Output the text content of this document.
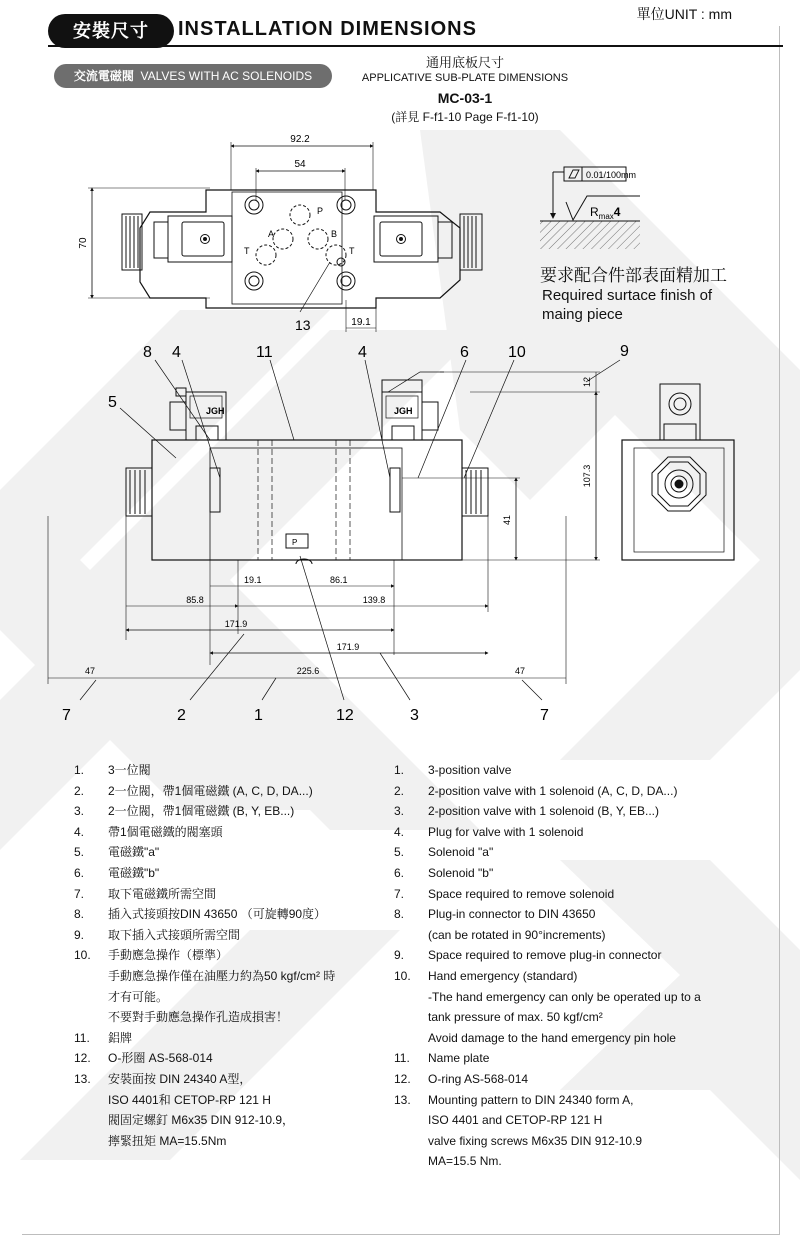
單位UNIT : mm
安裝尺寸	INSTALLATION DIMENSIONS
交流電磁閥 VALVES WITH AC SOLENOIDS
通用底板尺寸
APPLICATIVE SUB-PLATE DIMENSIONS
MC-03-1
(詳見 F-f1-10 Page F-f1-10)
要求配合件部表面精加工
Required surtace finish of
maing piece
0.01/100mm
$R_{max}4$
92.2
54
70
19.1
P
A	B
T	T
13
JGH	JGH
P
8 4	11	4	6 10	9
5
7	2	1	12	3	7
12
107.3
41
19.1	86.1
85.8	139.8
171.9
171.9
47	225.6	47
1. 3一位閥
2. 2一位閥，帶1個電磁鐵 (A, C, D, DA...)
3. 2一位閥，帶1個電磁鐵 (B, Y, EB...)
4. 帶1個電磁鐵的閥塞頭
5. 電磁鐵"a"
6. 電磁鐵"b"
7. 取下電磁鐵所需空間
8. 插入式接頭按DIN 43650 （可旋轉90度）
9. 取下插入式接頭所需空間
10. 手動應急操作（標準）
手動應急操作僅在油壓力約為50 kgf/cm² 時
才有可能。
不要對手動應急操作孔造成損害！
11. 鋁牌
12. O-形圈 AS-568-014
13. 安裝面按 DIN 24340 A型，
ISO 4401和 CETOP-RP 121 H
閥固定螺釘 M6x35 DIN 912-10.9，
擰緊扭矩 MA=15.5Nm
1. 3-position valve
2. 2-position valve with 1 solenoid (A, C, D, DA...)
3. 2-position valve with 1 solenoid (B, Y, EB...)
4. Plug for valve with 1 solenoid
5. Solenoid "a"
6. Solenoid "b"
7. Space required to remove solenoid
8. Plug-in connector to DIN 43650
(can be rotated in 90°increments)
9. Space required to remove plug-in connector
10. Hand emergency (standard)
-The hand emergency can only be operated up to a
tank pressure of max. 50 kgf/cm²
Avoid damage to the hand emergency pin hole
11. Name plate
12. O-ring AS-568-014
13. Mounting pattern to DIN 24340 form A,
ISO 4401 and CETOP-RP 121 H
valve fixing screws M6x35 DIN 912-10.9
MA=15.5 Nm.
